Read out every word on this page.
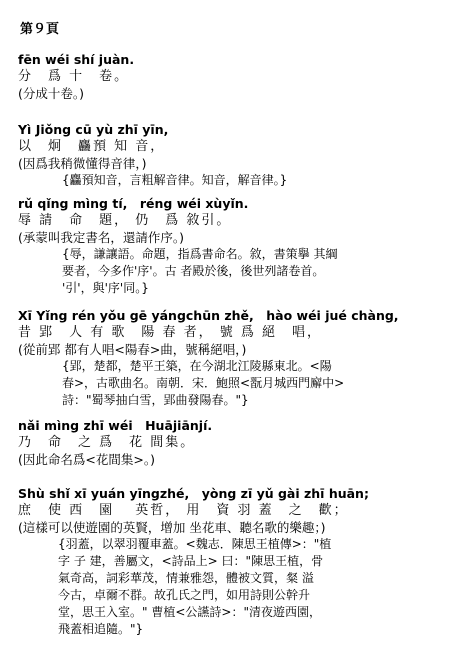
第９頁
fēn wéi shí juàn.
分　爲 十　卷。
(分成十卷。)
Yì Jiǒng cū yù zhī yīn,
以　炯　麤預 知 音，
(因爲我稍微懂得音律，)
{麤預知音，言粗解音律。知音，解音律。}
rǔ qǐng mìng tí,　réng wéi xùyǐn.
辱 請　命　題， 仍　爲 敘引。
(承蒙叫我定書名，還請作序。)
{辱，謙讓語。命題，指爲書命名。敘，書策擧 其綱
要者，今多作'序'。古 者殿於後，後世列諸卷首。
'引'，與'序'同。}
Xī Yǐng rén yǒu gē yángchūn zhě,　hào wéi jué chàng,
昔 郢　人 有 歌　陽 春 者， 號 爲 絕　唱，
(從前郢 都有人唱<陽春>曲，號稱絕唱，)
{郢，楚都，楚平王築，在今湖北江陵縣東北。<陽
春>，古歌曲名。南朝．宋．鮑照<翫月城西門廨中>
詩："蜀琴抽白雪，郢曲發陽春。"}
nǎi mìng zhī wéi　Huājiānjí.
乃　命　之 爲　花 間集。
(因此命名爲<花間集>。)
Shù shǐ xī yuán yīngzhé,　yòng zī yǔ gài zhī huān;
庶　使 西　園　 英哲， 用　資 羽 蓋　之　歡；
(這樣可以使遊園的英賢，增加 坐花車、聽名歌的樂趣；)
{羽蓋，以翠羽覆車蓋。<魏志．陳思王植傳>："植
字 子 建，善屬文，<詩品上> 曰："陳思王植，骨
氣奇高，詞彩華茂，情兼雅怨，體被文質，粲 溢
今古，卓爾不群。故孔氏之門，如用詩則公幹升
堂，思王入室。" 曹植<公讌詩>："清夜遊西園，
飛蓋相追隨。"}
